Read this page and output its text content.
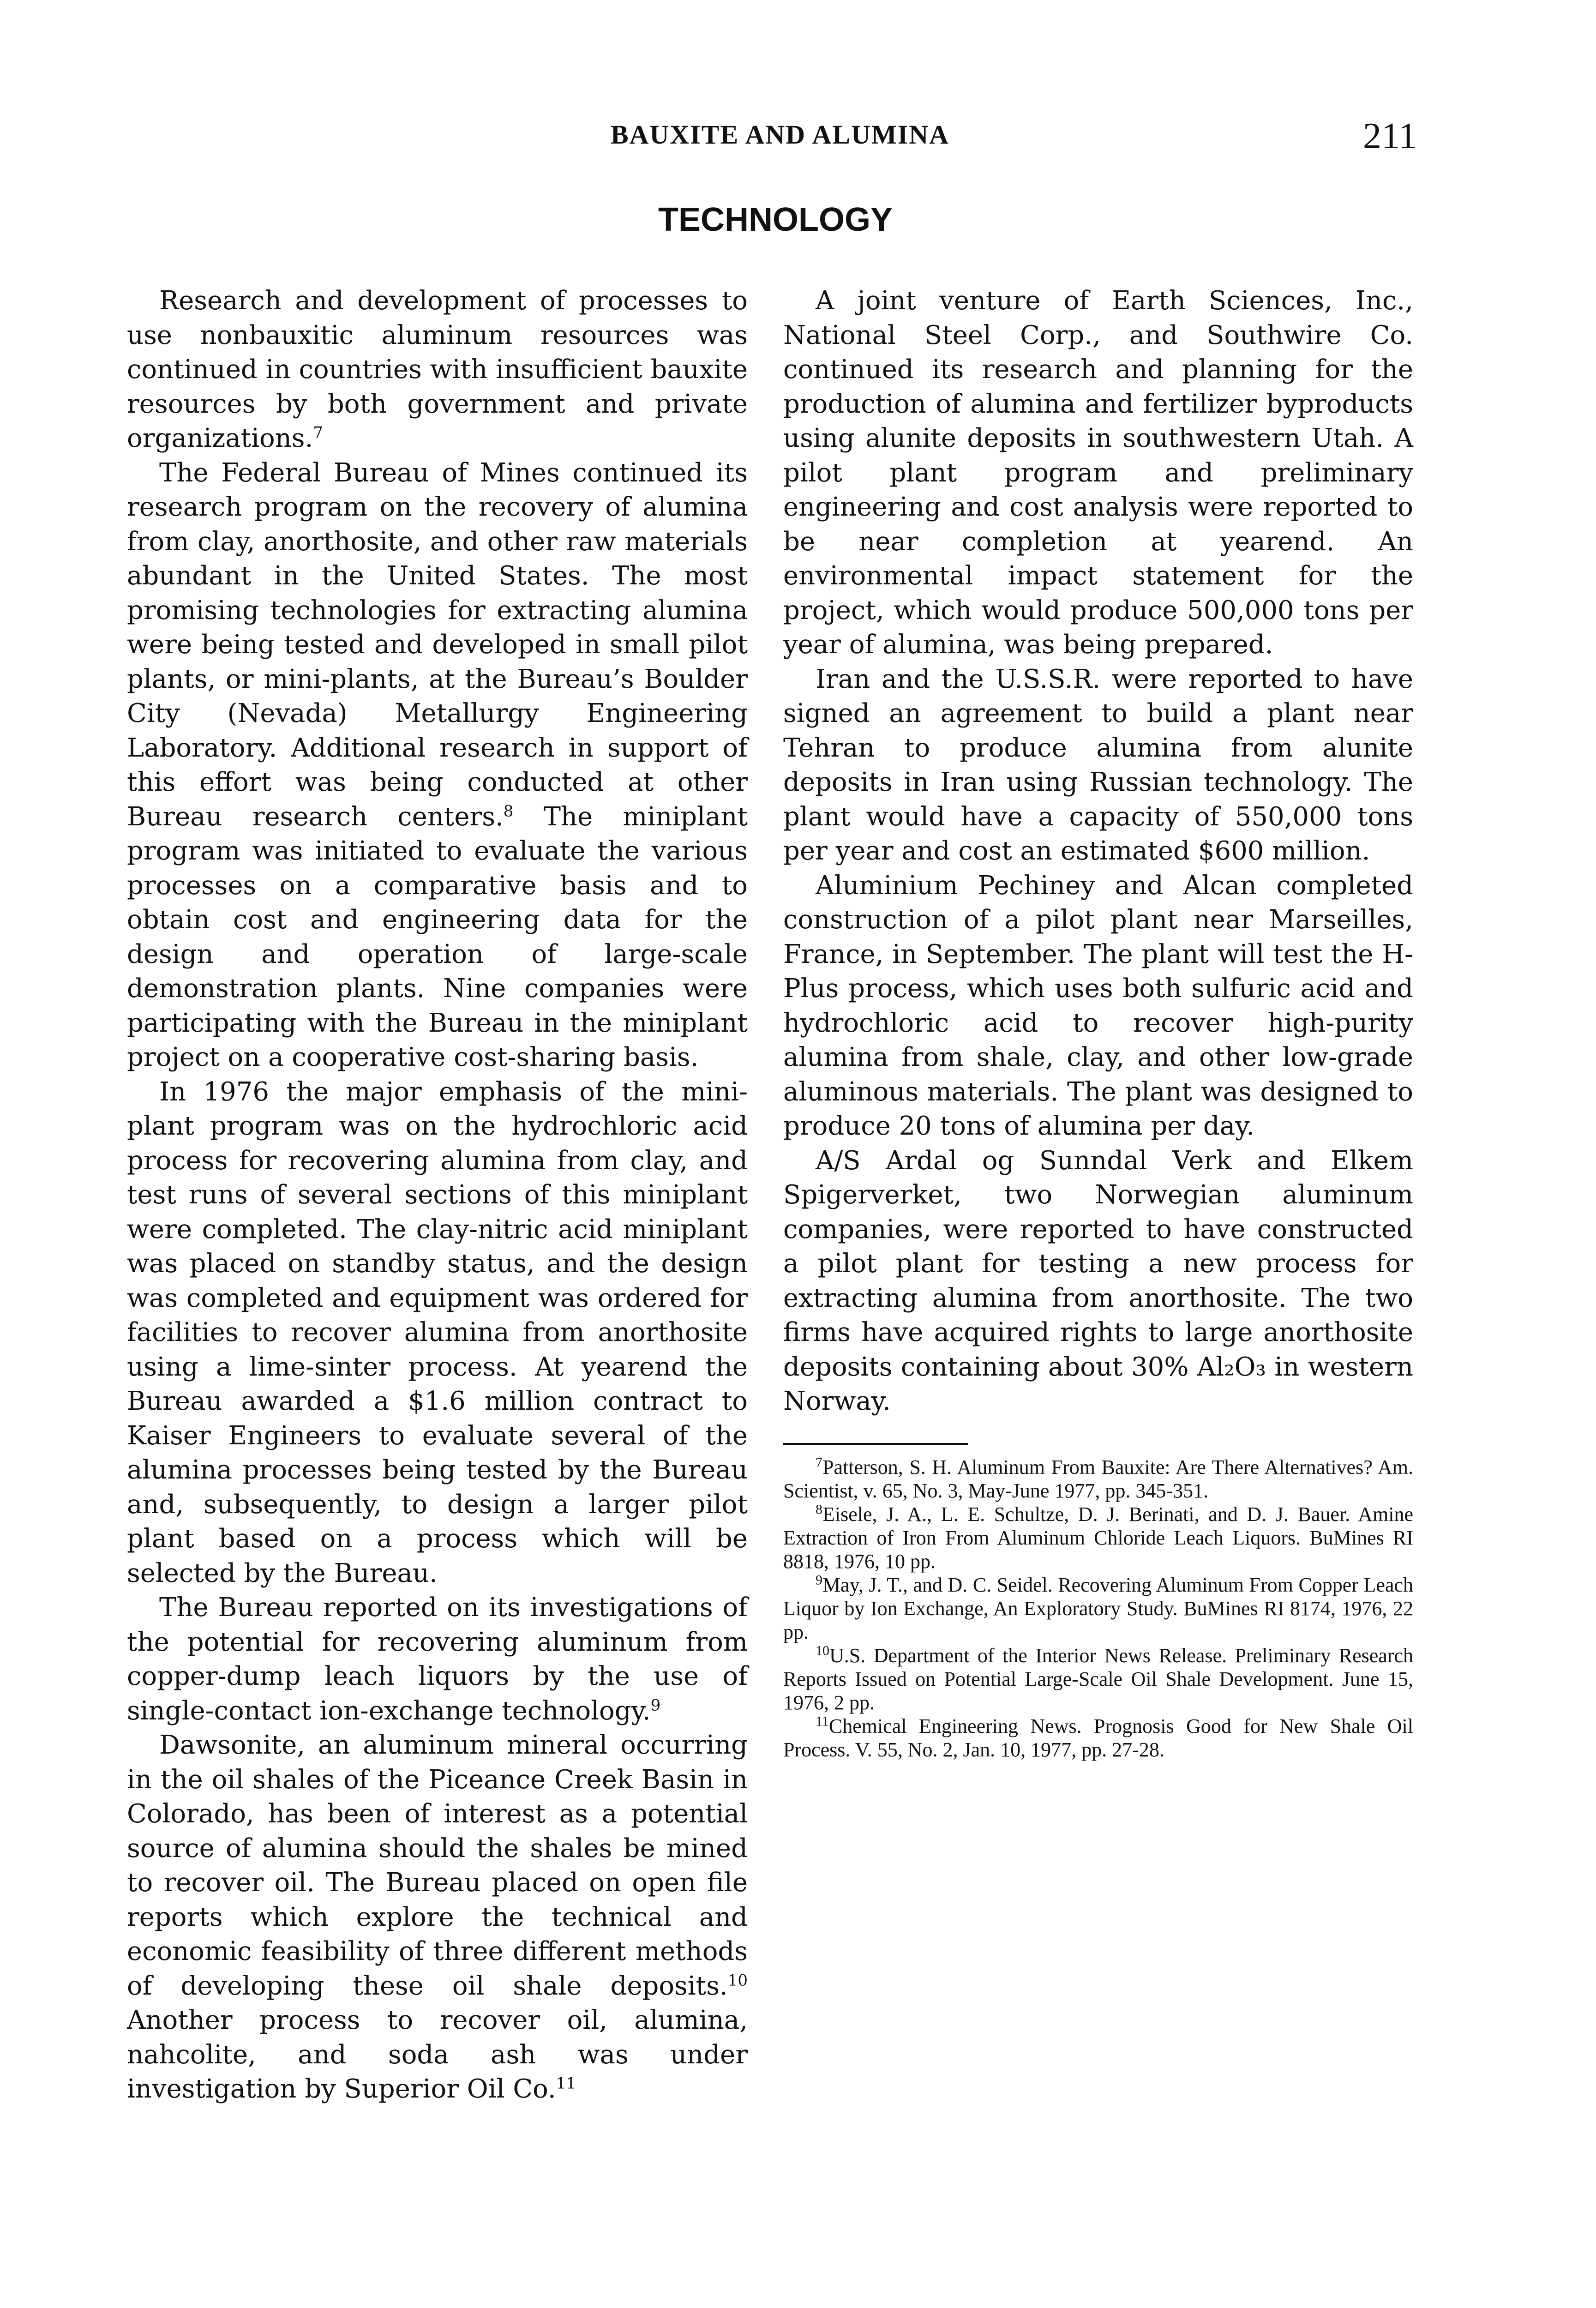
BAUXITE AND ALUMINA	211
TECHNOLOGY

Research and development of processes to use nonbauxitic aluminum resources was continued in countries with insufficient bauxite resources by both government and private organizations.$^7$

The Federal Bureau of Mines continued its research program on the recovery of alumina from clay, anorthosite, and other raw materials abundant in the United States. The most promising technologies for extracting alumina were being tested and developed in small pilot plants, or mini-plants, at the Bureau’s Boulder City (Nevada) Metallurgy Engineering Laboratory. Additional research in support of this effort was being conducted at other Bureau research centers.$^8$ The miniplant program was initiated to evaluate the various processes on a comparative basis and to obtain cost and engineering data for the design and operation of large-scale demonstration plants. Nine companies were participating with the Bureau in the miniplant project on a cooperative cost-sharing basis.

In 1976 the major emphasis of the mini-plant program was on the hydrochloric acid process for recovering alumina from clay, and test runs of several sections of this miniplant were completed. The clay-nitric acid miniplant was placed on standby status, and the design was completed and equipment was ordered for facilities to recover alumina from anorthosite using a lime-sinter process. At yearend the Bureau awarded a $1.6 million contract to Kaiser Engineers to evaluate several of the alumina processes being tested by the Bureau and, subsequently, to design a larger pilot plant based on a process which will be selected by the Bureau.

The Bureau reported on its investigations of the potential for recovering aluminum from copper-dump leach liquors by the use of single-contact ion-exchange technology.$^9$

Dawsonite, an aluminum mineral occurring in the oil shales of the Piceance Creek Basin in Colorado, has been of interest as a potential source of alumina should the shales be mined to recover oil. The Bureau placed on open file reports which explore the technical and economic feasibility of three different methods of developing these oil shale deposits.$^{10}$ Another process to recover oil, alumina, nahcolite, and soda ash was under investigation by Superior Oil Co.$^{11}$

A joint venture of Earth Sciences, Inc., National Steel Corp., and Southwire Co. continued its research and planning for the production of alumina and fertilizer byproducts using alunite deposits in southwestern Utah. A pilot plant program and preliminary engineering and cost analysis were reported to be near completion at yearend. An environmental impact statement for the project, which would produce 500,000 tons per year of alumina, was being prepared.

Iran and the U.S.S.R. were reported to have signed an agreement to build a plant near Tehran to produce alumina from alunite deposits in Iran using Russian technology. The plant would have a capacity of 550,000 tons per year and cost an estimated $600 million.

Aluminium Pechiney and Alcan completed construction of a pilot plant near Marseilles, France, in September. The plant will test the H-Plus process, which uses both sulfuric acid and hydrochloric acid to recover high-purity alumina from shale, clay, and other low-grade aluminous materials. The plant was designed to produce 20 tons of alumina per day.

A/S Ardal og Sunndal Verk and Elkem Spigerverket, two Norwegian aluminum companies, were reported to have constructed a pilot plant for testing a new process for extracting alumina from anorthosite. The two firms have acquired rights to large anorthosite deposits containing about 30% Al₂O₃ in western Norway.

$^7$Patterson, S. H. Aluminum From Bauxite: Are There Alternatives? Am. Scientist, v. 65, No. 3, May-June 1977, pp. 345-351.

$^8$Eisele, J. A., L. E. Schultze, D. J. Berinati, and D. J. Bauer. Amine Extraction of Iron From Aluminum Chloride Leach Liquors. BuMines RI 8818, 1976, 10 pp.

$^9$May, J. T., and D. C. Seidel. Recovering Aluminum From Copper Leach Liquor by Ion Exchange, An Exploratory Study. BuMines RI 8174, 1976, 22 pp.

$^{10}$U.S. Department of the Interior News Release. Preliminary Research Reports Issued on Potential Large-Scale Oil Shale Development. June 15, 1976, 2 pp.

$^{11}$Chemical Engineering News. Prognosis Good for New Shale Oil Process. V. 55, No. 2, Jan. 10, 1977, pp. 27-28.
